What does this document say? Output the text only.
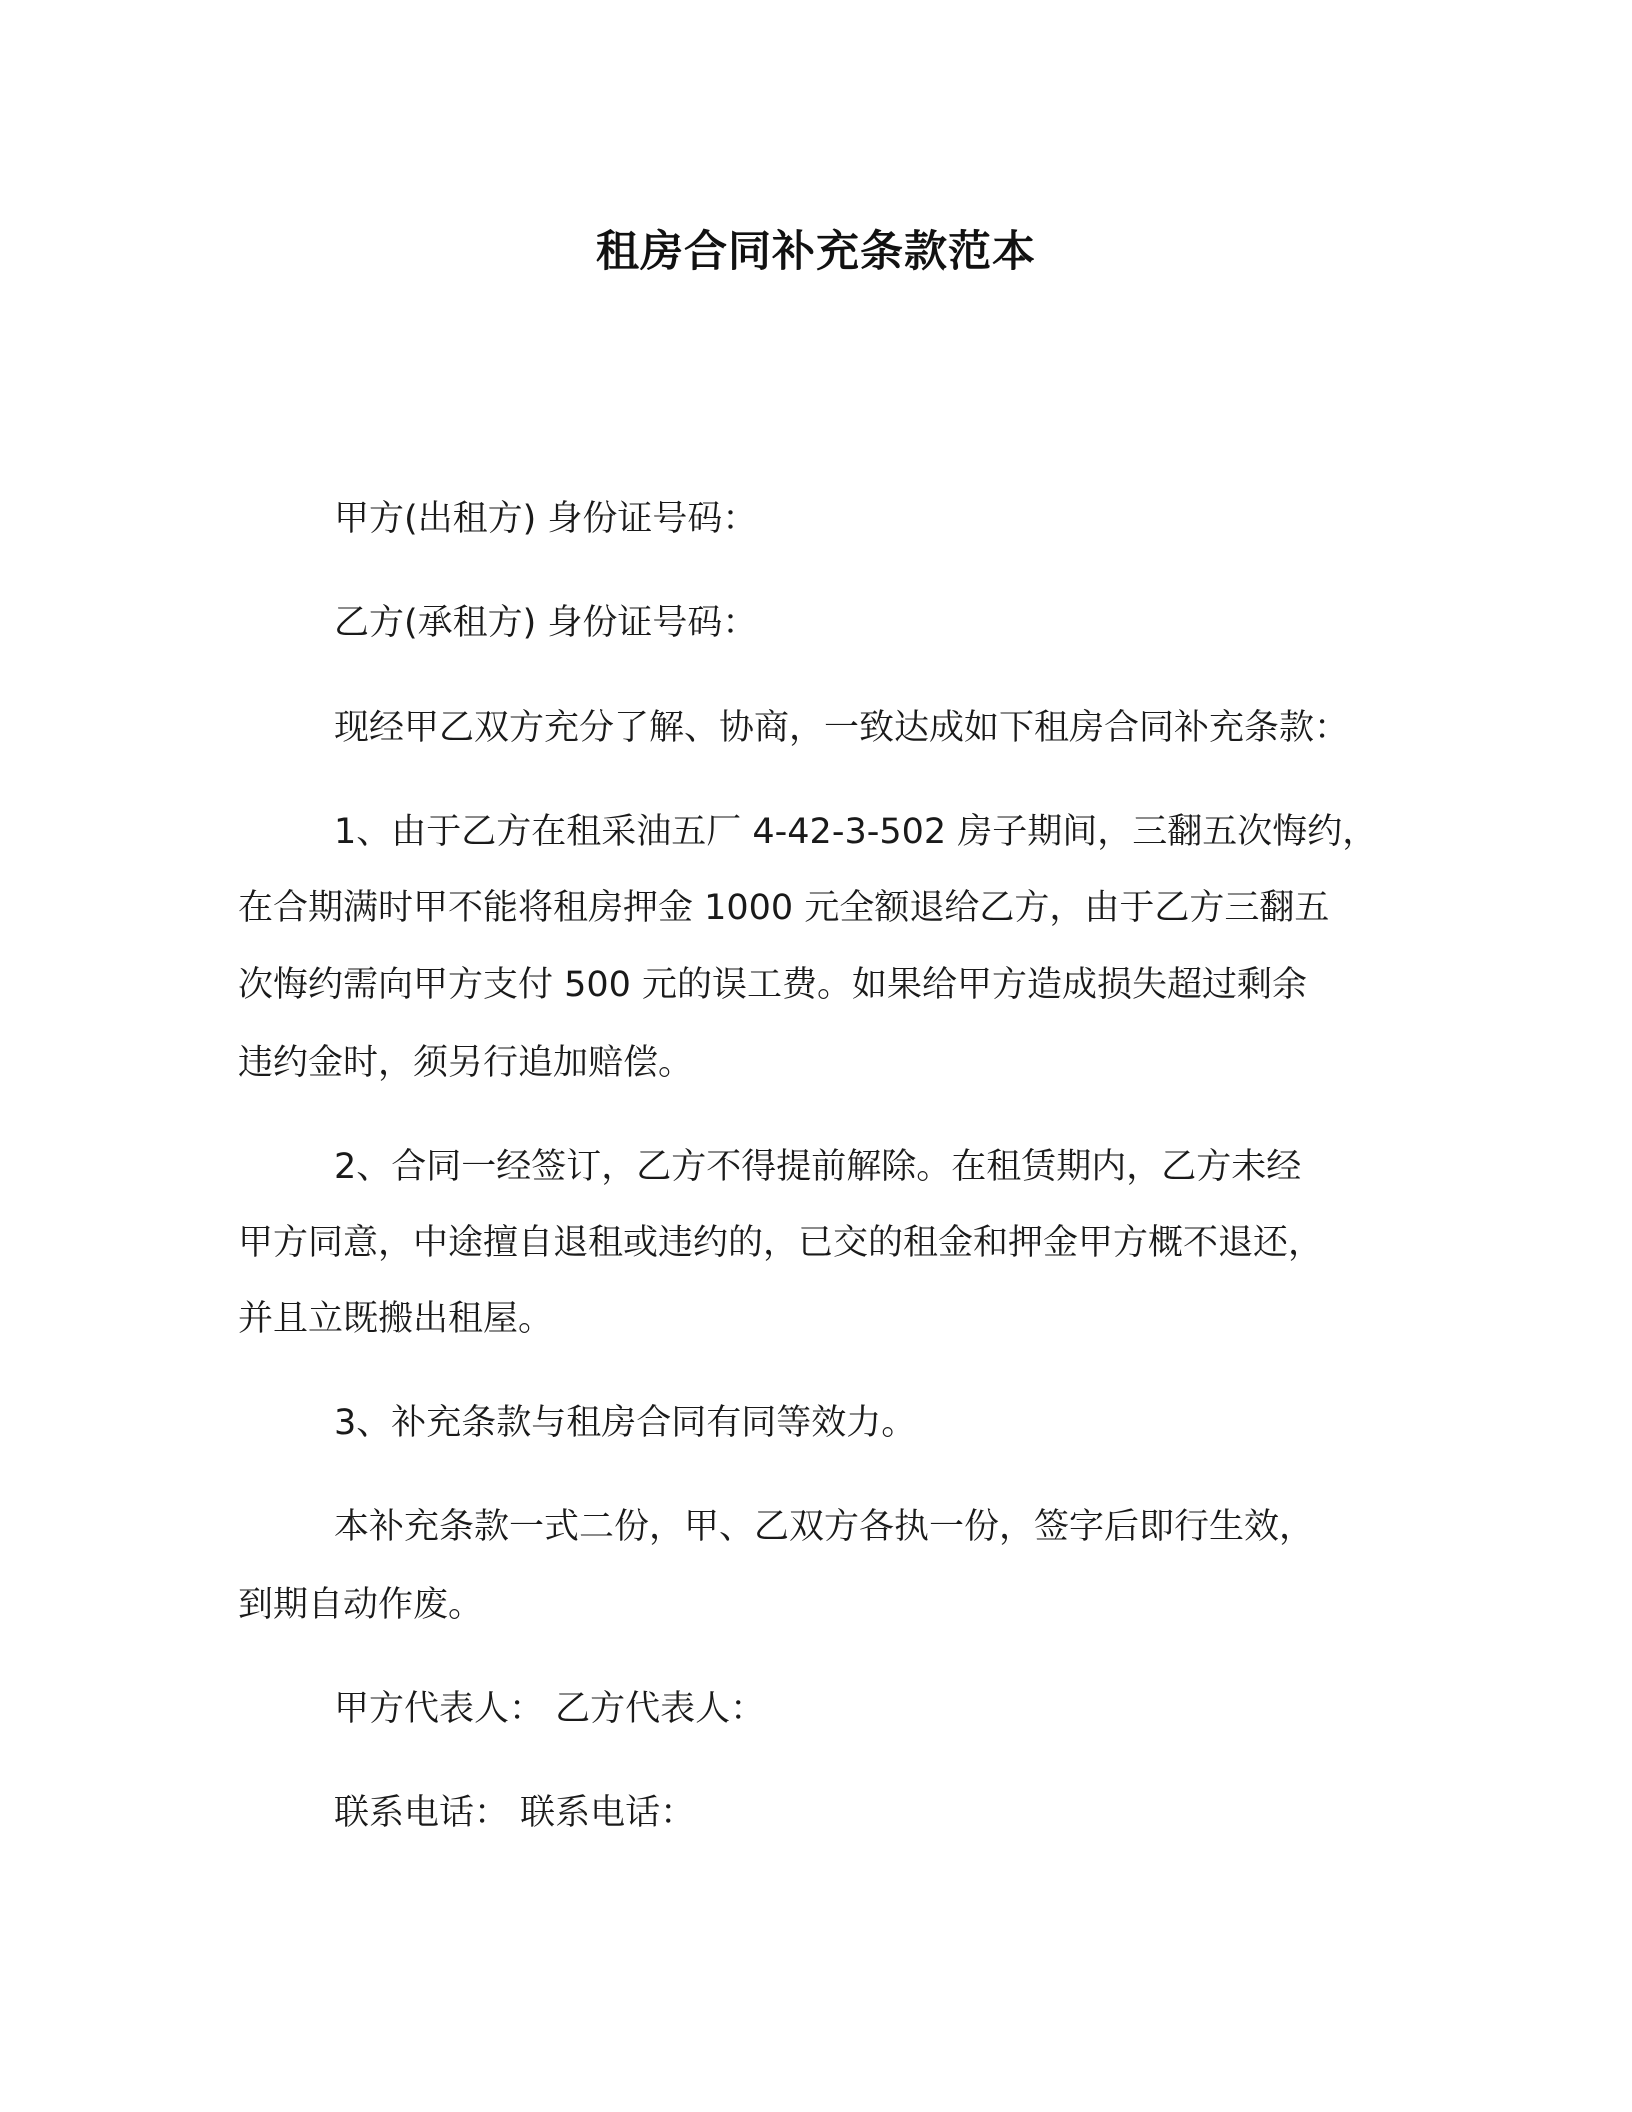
租房合同补充条款范本
甲方(出租方) 身份证号码：
乙方(承租方) 身份证号码：
现经甲乙双方充分了解、协商，一致达成如下租房合同补充条款：
1、由于乙方在租采油五厂 4-42-3-502 房子期间，三翻五次悔约，
在合期满时甲不能将租房押金 1000 元全额退给乙方，由于乙方三翻五
次悔约需向甲方支付 500 元的误工费。如果给甲方造成损失超过剩余
违约金时，须另行追加赔偿。
2、合同一经签订，乙方不得提前解除。在租赁期内，乙方未经
甲方同意，中途擅自退租或违约的，已交的租金和押金甲方概不退还，
并且立既搬出租屋。
3、补充条款与租房合同有同等效力。
本补充条款一式二份，甲、乙双方各执一份，签字后即行生效，
到期自动作废。
甲方代表人： 乙方代表人：
联系电话： 联系电话：
